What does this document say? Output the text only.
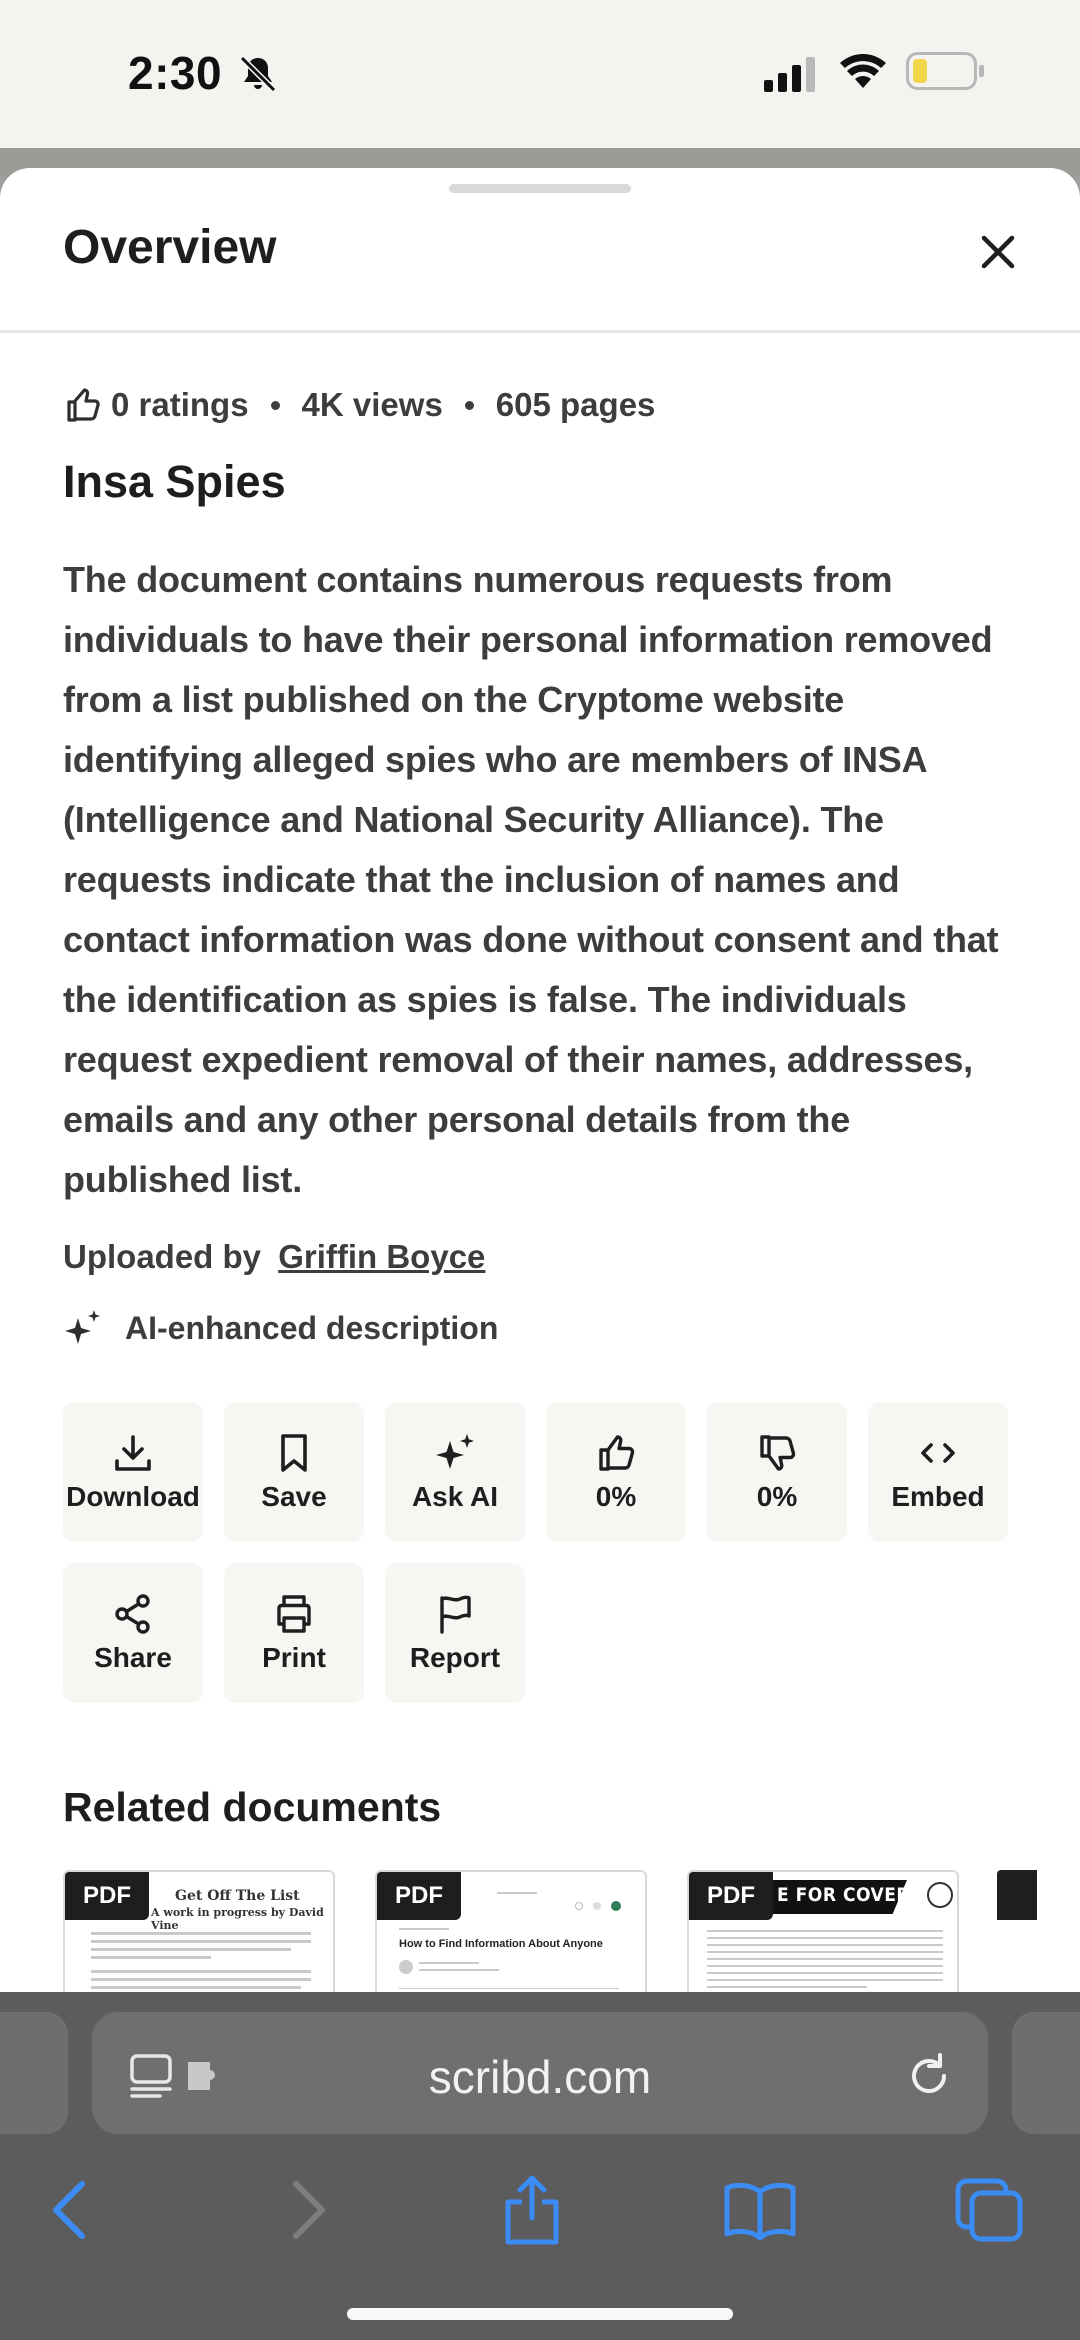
2:30
Overview
0 ratings 4K views 605 pages
Insa Spies
The document contains numerous requests from individuals to have their personal information removed from a list published on the Cryptome website identifying alleged spies who are members of INSA (Intelligence and National Security Alliance). The requests indicate that the inclusion of names and contact information was done without consent and that the identification as spies is false. The individuals request expedient removal of their names, addresses, emails and any other personal details from the published list.
Uploaded by Griffin Boyce
AI-enhanced description
Download Save	Ask AI	0%	0%	Embed
Share	Print	Report
Related documents
Get Off The List
A work in progress by David Vine
PDF
How to Find Information About Anyone
PDF	E FOR COVER
PDF
scribd.com
